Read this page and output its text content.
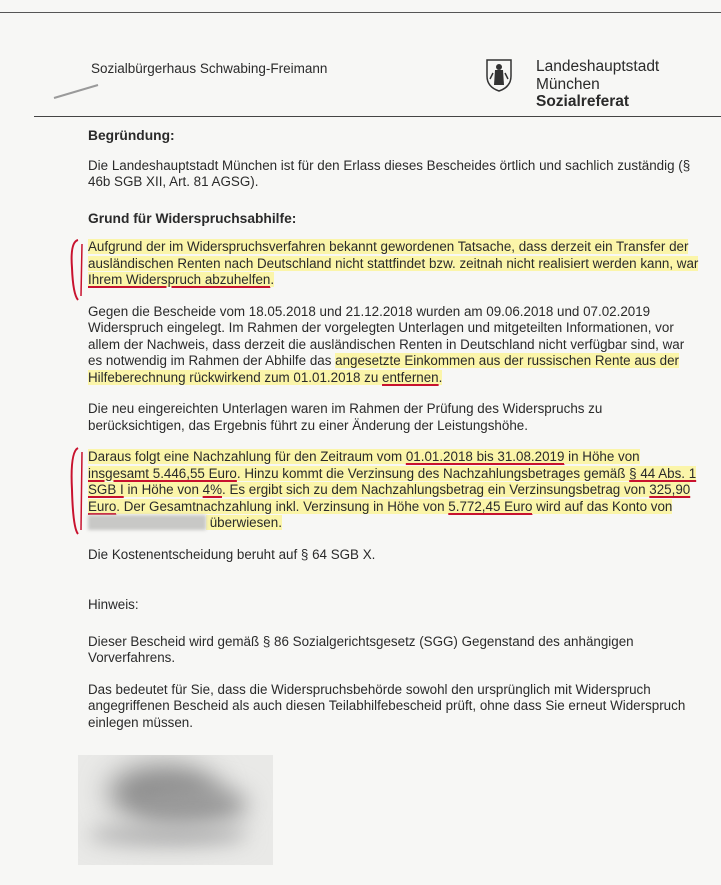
Sozialbürgerhaus Schwabing-Freimann	Landeshauptstadt
München
Sozialreferat

Begründung:

Die Landeshauptstadt München ist für den Erlass dieses Bescheides örtlich und sachlich zuständig (§ 46b SGB XII, Art. 81 AGSG).

Grund für Widerspruchsabhilfe:

Aufgrund der im Widerspruchsverfahren bekannt gewordenen Tatsache, dass derzeit ein Transfer der ausländischen Renten nach Deutschland nicht stattfindet bzw. zeitnah nicht realisiert werden kann, war Ihrem Widerspruch abzuhelfen.

Gegen die Bescheide vom 18.05.2018 und 21.12.2018 wurden am 09.06.2018 und 07.02.2019 Widerspruch eingelegt. Im Rahmen der vorgelegten Unterlagen und mitgeteilten Informationen, vor allem der Nachweis, dass derzeit die ausländischen Renten in Deutschland nicht verfügbar sind, war es notwendig im Rahmen der Abhilfe das angesetzte Einkommen aus der russischen Rente aus der Hilfeberechnung rückwirkend zum 01.01.2018 zu entfernen.

Die neu eingereichten Unterlagen waren im Rahmen der Prüfung des Widerspruchs zu berücksichtigen, das Ergebnis führt zu einer Änderung der Leistungshöhe.

Daraus folgt eine Nachzahlung für den Zeitraum vom 01.01.2018 bis 31.08.2019 in Höhe von insgesamt 5.446,55 Euro. Hinzu kommt die Verzinsung des Nachzahlungsbetrages gemäß § 44 Abs. 1 SGB I in Höhe von 4%. Es ergibt sich zu dem Nachzahlungsbetrag ein Verzinsungsbetrag von 325,90 Euro. Der Gesamtnachzahlung inkl. Verzinsung in Höhe von 5.772,45 Euro wird auf das Konto von  überwiesen.

Die Kostenentscheidung beruht auf § 64 SGB X.

Hinweis:

Dieser Bescheid wird gemäß § 86 Sozialgerichtsgesetz (SGG) Gegenstand des anhängigen Vorverfahrens.

Das bedeutet für Sie, dass die Widerspruchsbehörde sowohl den ursprünglich mit Widerspruch angegriffenen Bescheid als auch diesen Teilabhilfebescheid prüft, ohne dass Sie erneut Widerspruch einlegen müssen.
